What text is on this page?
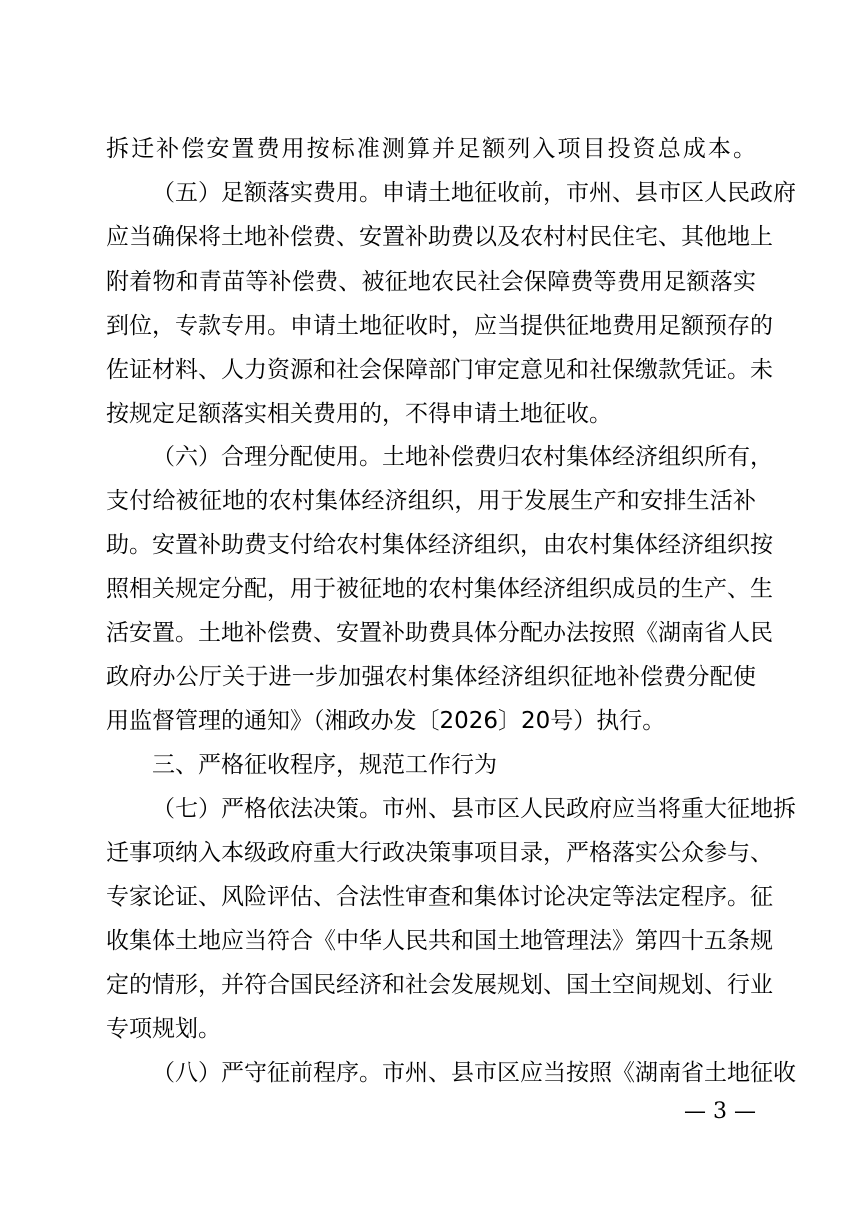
拆迁补偿安置费用按标准测算并足额列入项目投资总成本。
（五）足额落实费用。申请土地征收前，市州、县市区人民政府
应当确保将土地补偿费、安置补助费以及农村村民住宅、其他地上
附着物和青苗等补偿费、被征地农民社会保障费等费用足额落实
到位，专款专用。申请土地征收时，应当提供征地费用足额预存的
佐证材料、人力资源和社会保障部门审定意见和社保缴款凭证。未
按规定足额落实相关费用的，不得申请土地征收。
（六）合理分配使用。土地补偿费归农村集体经济组织所有，
支付给被征地的农村集体经济组织，用于发展生产和安排生活补
助。安置补助费支付给农村集体经济组织，由农村集体经济组织按
照相关规定分配，用于被征地的农村集体经济组织成员的生产、生
活安置。土地补偿费、安置补助费具体分配办法按照《湖南省人民
政府办公厅关于进一步加强农村集体经济组织征地补偿费分配使
用监督管理的通知》（湘政办发〔2026〕20号）执行。
三、严格征收程序，规范工作行为
（七）严格依法决策。市州、县市区人民政府应当将重大征地拆
迁事项纳入本级政府重大行政决策事项目录，严格落实公众参与、
专家论证、风险评估、合法性审查和集体讨论决定等法定程序。征
收集体土地应当符合《中华人民共和国土地管理法》第四十五条规
定的情形，并符合国民经济和社会发展规划、国土空间规划、行业
专项规划。
（八）严守征前程序。市州、县市区应当按照《湖南省土地征收
— 3 —
